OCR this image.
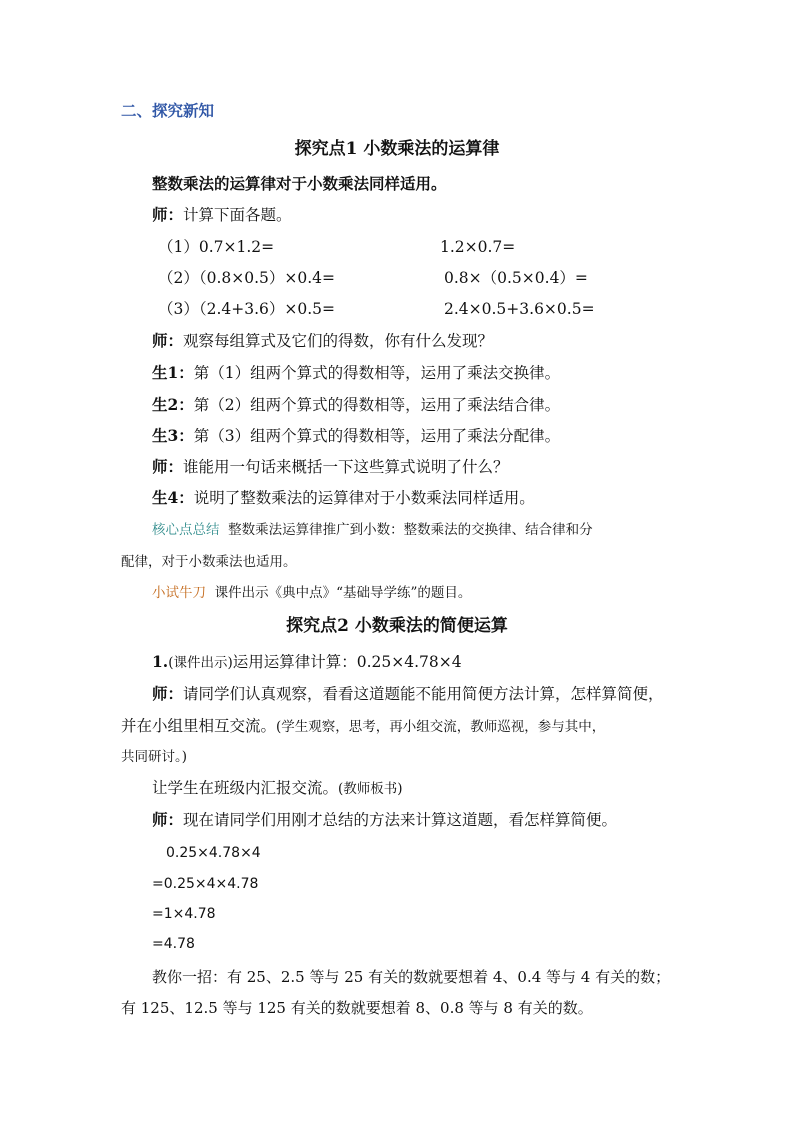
二、探究新知
探究点1 小数乘法的运算律
整数乘法的运算律对于小数乘法同样适用。
师：计算下面各题。
（1）0.7×1.2=	1.2×0.7=
（2）（0.8×0.5）×0.4=	0.8×（0.5×0.4）=
（3）（2.4+3.6）×0.5=	2.4×0.5+3.6×0.5=
师：观察每组算式及它们的得数，你有什么发现？
生1：第（1）组两个算式的得数相等，运用了乘法交换律。
生2：第（2）组两个算式的得数相等，运用了乘法结合律。
生3：第（3）组两个算式的得数相等，运用了乘法分配律。
师：谁能用一句话来概括一下这些算式说明了什么？
生4：说明了整数乘法的运算律对于小数乘法同样适用。
核心点总结 整数乘法运算律推广到小数：整数乘法的交换律、结合律和分
配律，对于小数乘法也适用。
小试牛刀 课件出示《典中点》“基础导学练”的题目。
探究点2 小数乘法的简便运算
1.(课件出示)运用运算律计算：0.25×4.78×4
师：请同学们认真观察，看看这道题能不能用简便方法计算，怎样算简便，
并在小组里相互交流。(学生观察，思考，再小组交流，教师巡视，参与其中，
共同研讨。)
让学生在班级内汇报交流。(教师板书)
师：现在请同学们用刚才总结的方法来计算这道题，看怎样算简便。
0.25×4.78×4
=0.25×4×4.78
=1×4.78
=4.78
教你一招：有 25、2.5 等与 25 有关的数就要想着 4、0.4 等与 4 有关的数；
有 125、12.5 等与 125 有关的数就要想着 8、0.8 等与 8 有关的数。
